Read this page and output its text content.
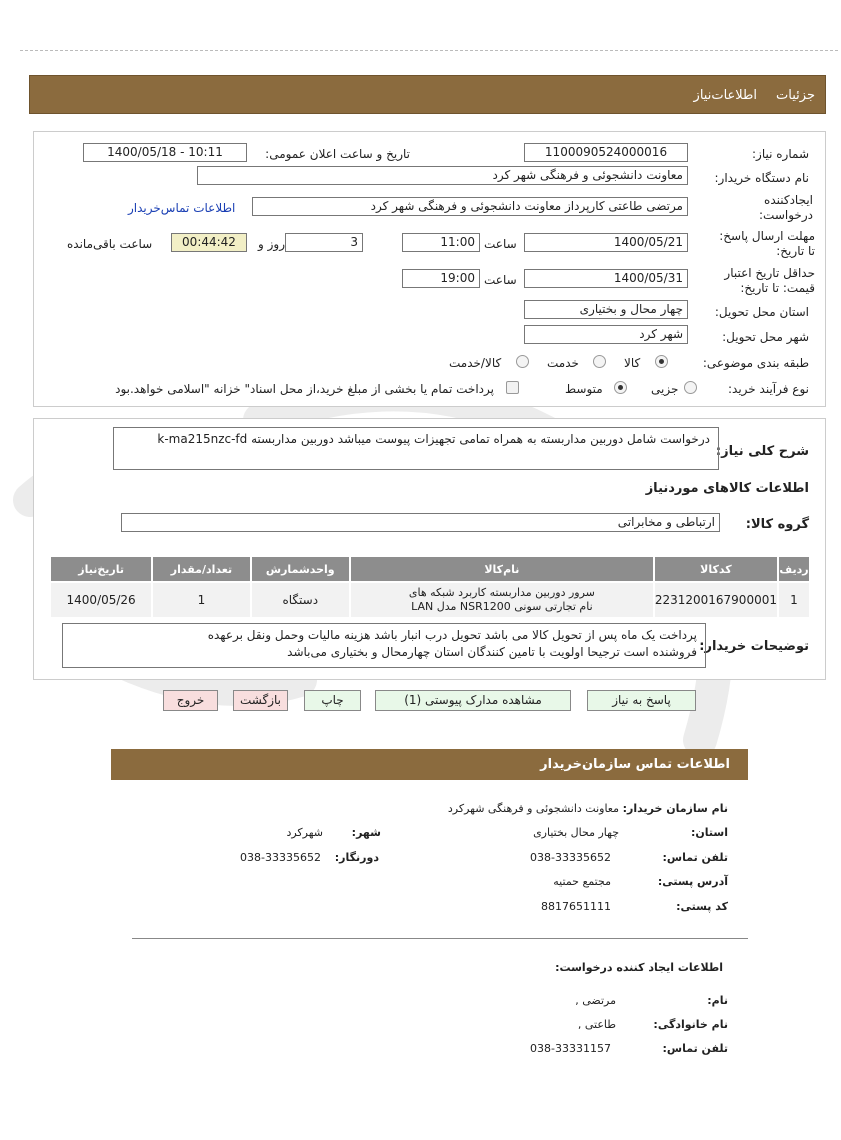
جزئیات
اطلاعات‌نیاز
شماره نیاز:
1100090524000016
تاریخ و ساعت اعلان عمومی:
1400/05/18 - 10:11
نام دستگاه خریدار:
معاونت دانشجوئی و فرهنگی شهر کرد
ایجادکننده درخواست:
مرتضی طاعتی کارپرداز معاونت دانشجوئی و فرهنگی شهر کرد
اطلاعات تماس‌خریدار
مهلت ارسال پاسخ: تا تاریخ:
1400/05/21
ساعت
11:00
3
روز و
00:44:42
ساعت باقی‌مانده
حداقل تاریخ اعتبار قیمت: تا تاریخ:
1400/05/31
ساعت
19:00
استان محل تحویل:
چهار محال و بختیاری
شهر محل تحویل:
شهر کرد
طبقه بندی موضوعی:
کالا
خدمت
کالا/خدمت
نوع فرآیند خرید:
جزیی
متوسط
پرداخت تمام یا بخشی از مبلغ خرید،از محل اسناد" خزانه "اسلامی خواهد.بود
شرح کلی نیاز:
درخواست شامل دوربین مداربسته به همراه تمامی تجهیزات پیوست میباشد دوربین مداربسته k-ma215nzc-fd
اطلاعات کالاهای مورد‌نیاز
گروه کالا:
ارتباطی و مخابراتی
تاریخ‌نیاز	تعداد/مقدار	واحدشمارش	نام‌کالا	کدکالا	ردیف
1400/05/26	1	دستگاه	سرور دوربین مداربسته کاربرد شبکه های
LAN مدل NSR1200 نام تجارتی سونی	2231200167900001	1
توضیحات خریدار:
پرداخت یک ماه پس از تحویل کالا می باشد تحویل درب انبار باشد هزینه مالیات وحمل ونقل برعهده
فروشنده است ترجیحا اولویت با تامین کنندگان استان چهارمحال و بختیاری می‌باشد
پاسخ به نیاز
مشاهده مدارک پیوستی (1)
چاپ
بازگشت
خروج
اطلاعات تماس سازمان‌خریدار
نام سازمان خریدار:
معاونت دانشجوئی و فرهنگی شهرکرد
استان:
چهار محال بختیاری
شهر:
شهرکرد
تلفن تماس:
038-33335652
دورنگار:
038-33335652
آدرس پستی:
مجتمع حمتیه
کد پستی:
8817651111
اطلاعات ایجاد کننده درخواست:
نام:
مرتضی ,
نام خانوادگی:
طاعتی ,
تلفن تماس:
038-33331157
